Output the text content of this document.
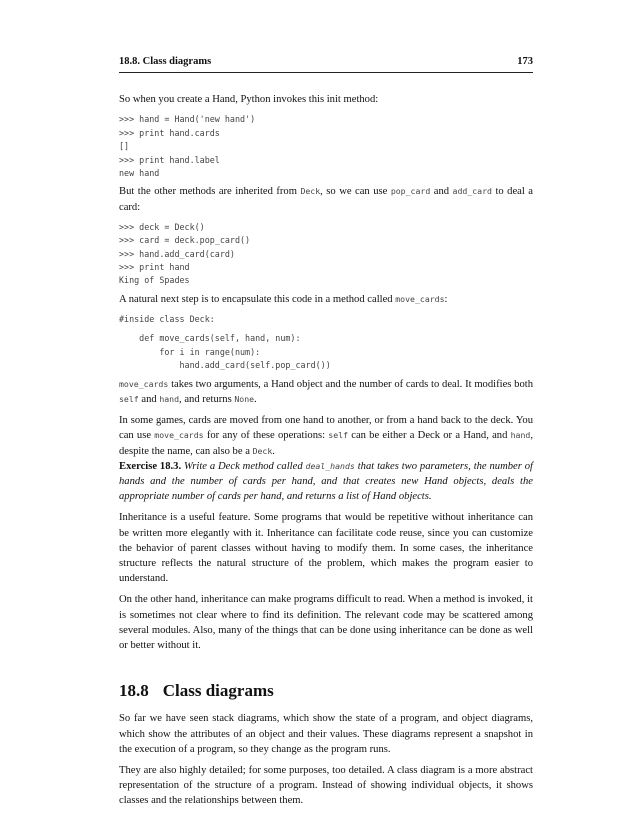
18.8. Class diagrams	173

So when you create a Hand, Python invokes this init method:

>>> hand = Hand('new hand')
>>> print hand.cards
[]
>>> print hand.label
new hand

But the other methods are inherited from Deck, so we can use pop_card and add_card to deal a card:

>>> deck = Deck()
>>> card = deck.pop_card()
>>> hand.add_card(card)
>>> print hand
King of Spades

A natural next step is to encapsulate this code in a method called move_cards:

#inside class Deck:
def move_cards(self, hand, num):
for i in range(num):
hand.add_card(self.pop_card())

move_cards takes two arguments, a Hand object and the number of cards to deal. It modifies both self and hand, and returns None.

In some games, cards are moved from one hand to another, or from a hand back to the deck. You can use move_cards for any of these operations: self can be either a Deck or a Hand, and hand, despite the name, can also be a Deck.

Exercise 18.3. Write a Deck method called deal_hands that takes two parameters, the number of hands and the number of cards per hand, and that creates new Hand objects, deals the appropriate number of cards per hand, and returns a list of Hand objects.

Inheritance is a useful feature. Some programs that would be repetitive without inheritance can be written more elegantly with it. Inheritance can facilitate code reuse, since you can customize the behavior of parent classes without having to modify them. In some cases, the inheritance structure reflects the natural structure of the problem, which makes the program easier to understand.

On the other hand, inheritance can make programs difficult to read. When a method is invoked, it is sometimes not clear where to find its definition. The relevant code may be scattered among several modules. Also, many of the things that can be done using inheritance can be done as well or better without it.

18.8 Class diagrams

So far we have seen stack diagrams, which show the state of a program, and object diagrams, which show the attributes of an object and their values. These diagrams represent a snapshot in the execution of a program, so they change as the program runs.

They are also highly detailed; for some purposes, too detailed. A class diagram is a more abstract representation of the structure of a program. Instead of showing individual objects, it shows classes and the relationships between them.
